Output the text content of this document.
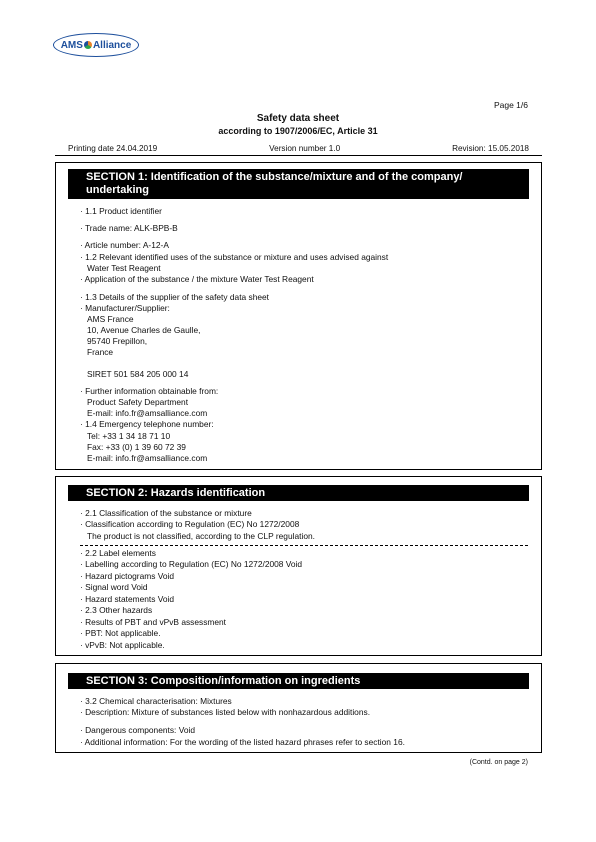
AMS Alliance
Page 1/6
Safety data sheet
according to 1907/2006/EC, Article 31
Printing date 24.04.2019	Version number 1.0	Revision: 15.05.2018
SECTION 1: Identification of the substance/mixture and of the company/ undertaking
· 1.1 Product identifier
· Trade name: ALK-BPB-B
· Article number: A-12-A
· 1.2 Relevant identified uses of the substance or mixture and uses advised against
Water Test Reagent
· Application of the substance / the mixture Water Test Reagent
· 1.3 Details of the supplier of the safety data sheet
· Manufacturer/Supplier:
AMS France
10, Avenue Charles de Gaulle,
95740 Frepillon,
France
SIRET 501 584 205 000 14
· Further information obtainable from:
Product Safety Department
E-mail: info.fr@amsalliance.com
· 1.4 Emergency telephone number:
Tel: +33 1 34 18 71 10
Fax: +33 (0) 1 39 60 72 39
E-mail: info.fr@amsalliance.com
SECTION 2: Hazards identification
· 2.1 Classification of the substance or mixture
· Classification according to Regulation (EC) No 1272/2008
The product is not classified, according to the CLP regulation.
· 2.2 Label elements
· Labelling according to Regulation (EC) No 1272/2008 Void
· Hazard pictograms Void
· Signal word Void
· Hazard statements Void
· 2.3 Other hazards
· Results of PBT and vPvB assessment
· PBT: Not applicable.
· vPvB: Not applicable.
SECTION 3: Composition/information on ingredients
· 3.2 Chemical characterisation: Mixtures
· Description: Mixture of substances listed below with nonhazardous additions.
· Dangerous components: Void
· Additional information: For the wording of the listed hazard phrases refer to section 16.
(Contd. on page 2)
